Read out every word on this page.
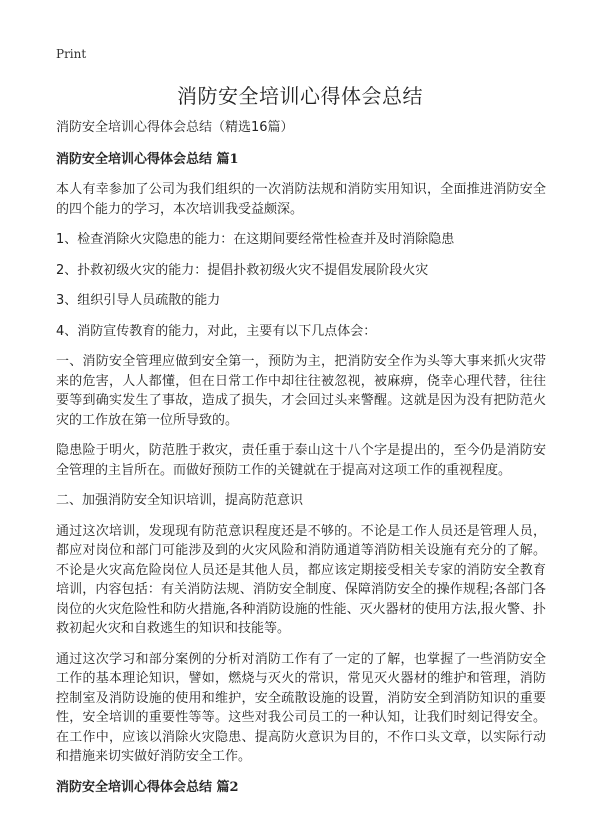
Print
消防安全培训心得体会总结

消防安全培训心得体会总结（精选16篇）

消防安全培训心得体会总结 篇1

本人有幸参加了公司为我们组织的一次消防法规和消防实用知识，全面推进消防安全的四个能力的学习，本次培训我受益颇深。

1、检查消除火灾隐患的能力：在这期间要经常性检查并及时消除隐患

2、扑救初级火灾的能力：提倡扑救初级火灾不提倡发展阶段火灾

3、组织引导人员疏散的能力

4、消防宣传教育的能力，对此，主要有以下几点体会：

一、消防安全管理应做到安全第一，预防为主，把消防安全作为头等大事来抓火灾带来的危害，人人都懂，但在日常工作中却往往被忽视，被麻痹，侥幸心理代替，往往要等到确实发生了事故，造成了损失，才会回过头来警醒。这就是因为没有把防范火灾的工作放在第一位所导致的。

隐患险于明火，防范胜于救灾，责任重于泰山这十八个字是提出的，至今仍是消防安全管理的主旨所在。而做好预防工作的关键就在于提高对这项工作的重视程度。

二、加强消防安全知识培训，提高防范意识

通过这次培训，发现现有防范意识程度还是不够的。不论是工作人员还是管理人员，都应对岗位和部门可能涉及到的火灾风险和消防通道等消防相关设施有充分的了解。不论是火灾高危险岗位人员还是其他人员，都应该定期接受相关专家的消防安全教育培训，内容包括：有关消防法规、消防安全制度、保障消防安全的操作规程;各部门各岗位的火灾危险性和防火措施,各种消防设施的性能、灭火器材的使用方法,报火警、扑救初起火灾和自救逃生的知识和技能等。

通过这次学习和部分案例的分析对消防工作有了一定的了解，也掌握了一些消防安全工作的基本理论知识，譬如，燃烧与灭火的常识，常见灭火器材的维护和管理，消防控制室及消防设施的使用和维护，安全疏散设施的设置，消防安全到消防知识的重要性，安全培训的重要性等等。这些对我公司员工的一种认知，让我们时刻记得安全。在工作中，应该以消除火灾隐患、提高防火意识为目的，不作口头文章，以实际行动和措施来切实做好消防安全工作。

消防安全培训心得体会总结 篇2
